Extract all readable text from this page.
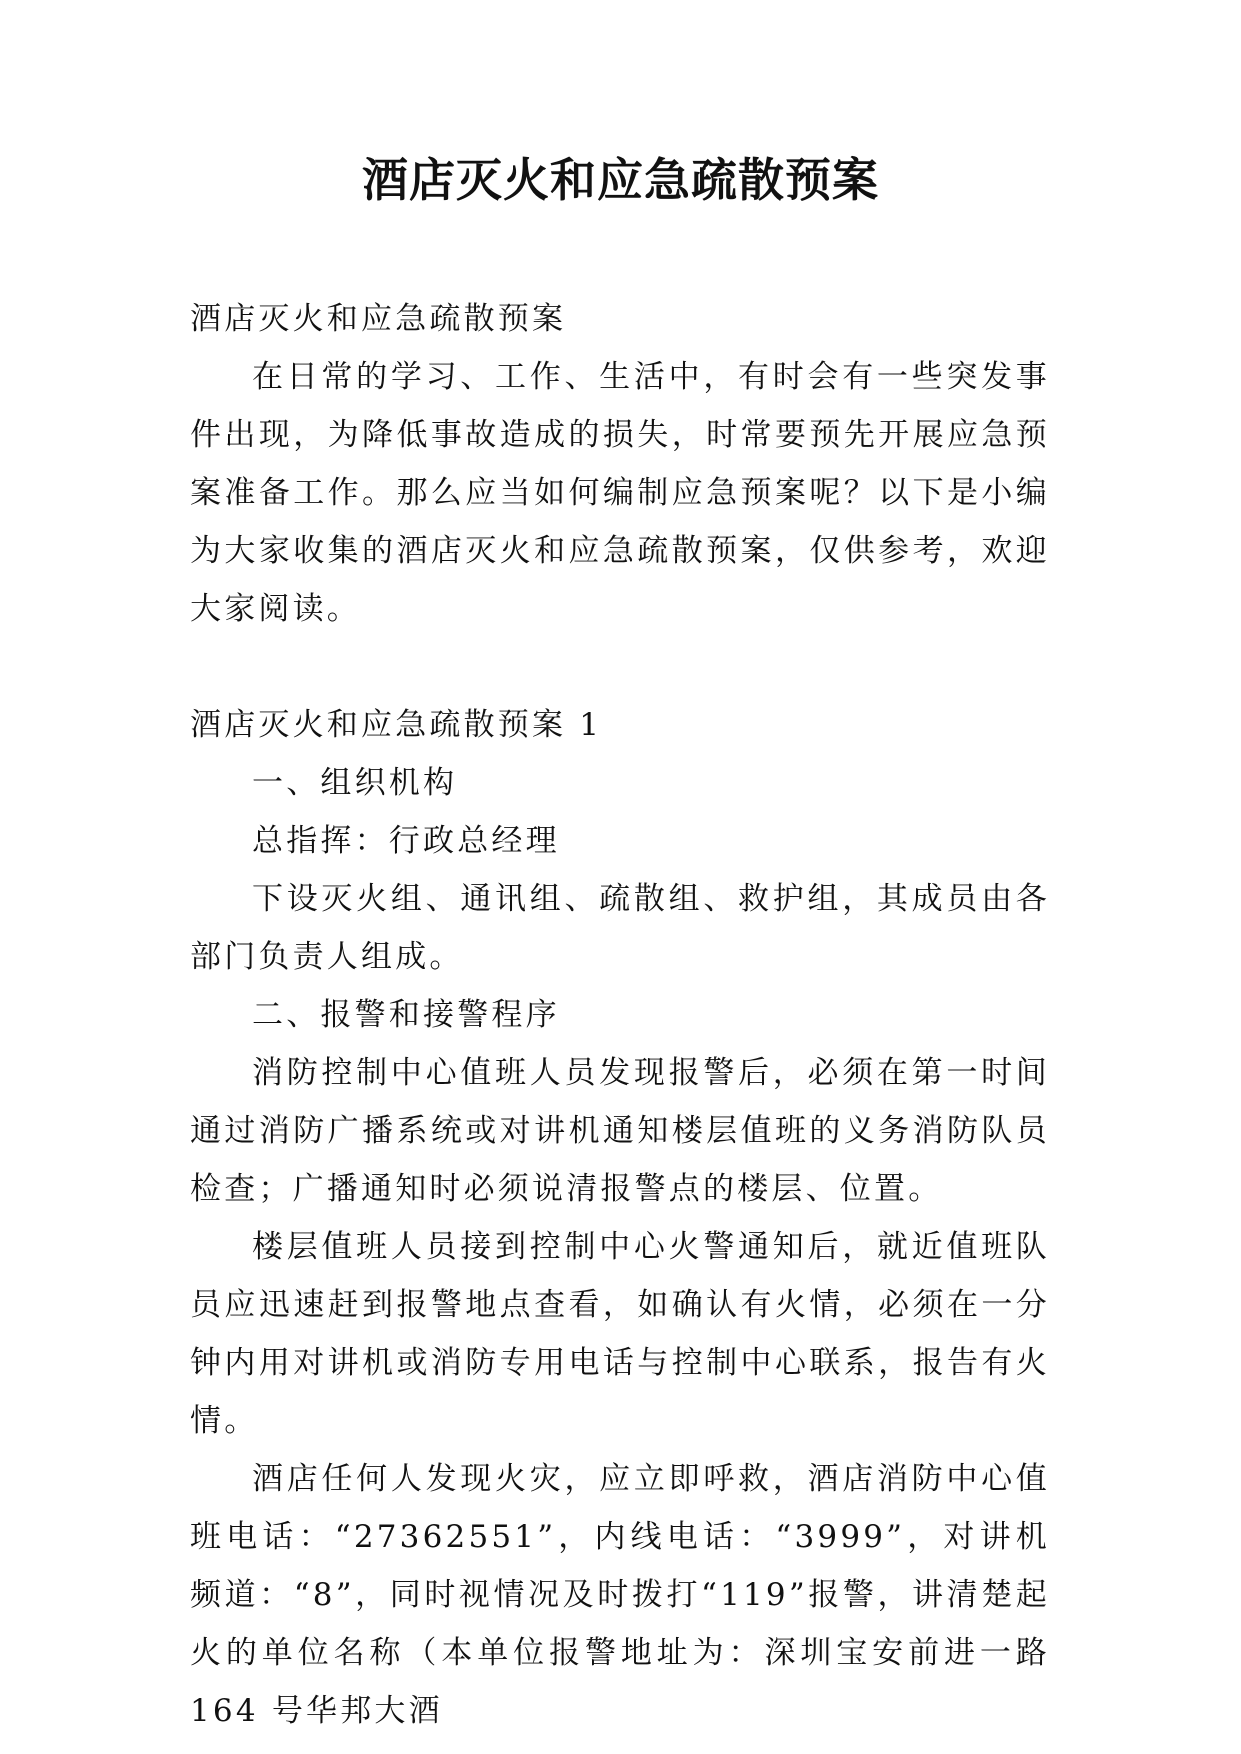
酒店灭火和应急疏散预案

酒店灭火和应急疏散预案

在日常的学习、工作、生活中，有时会有一些突发事件出现，为降低事故造成的损失，时常要预先开展应急预案准备工作。那么应当如何编制应急预案呢？以下是小编为大家收集的酒店灭火和应急疏散预案，仅供参考，欢迎大家阅读。

酒店灭火和应急疏散预案 1

一、组织机构

总指挥：行政总经理

下设灭火组、通讯组、疏散组、救护组，其成员由各部门负责人组成。

二、报警和接警程序

消防控制中心值班人员发现报警后，必须在第一时间通过消防广播系统或对讲机通知楼层值班的义务消防队员检查；广播通知时必须说清报警点的楼层、位置。

楼层值班人员接到控制中心火警通知后，就近值班队员应迅速赶到报警地点查看，如确认有火情，必须在一分钟内用对讲机或消防专用电话与控制中心联系，报告有火情。

酒店任何人发现火灾，应立即呼救，酒店消防中心值班电话：“27362551”，内线电话：“3999”，对讲机频道：“8”，同时视情况及时拨打“119”报警，讲清楚起火的单位名称（本单位报警地址为：深圳宝安前进一路 164 号华邦大酒
